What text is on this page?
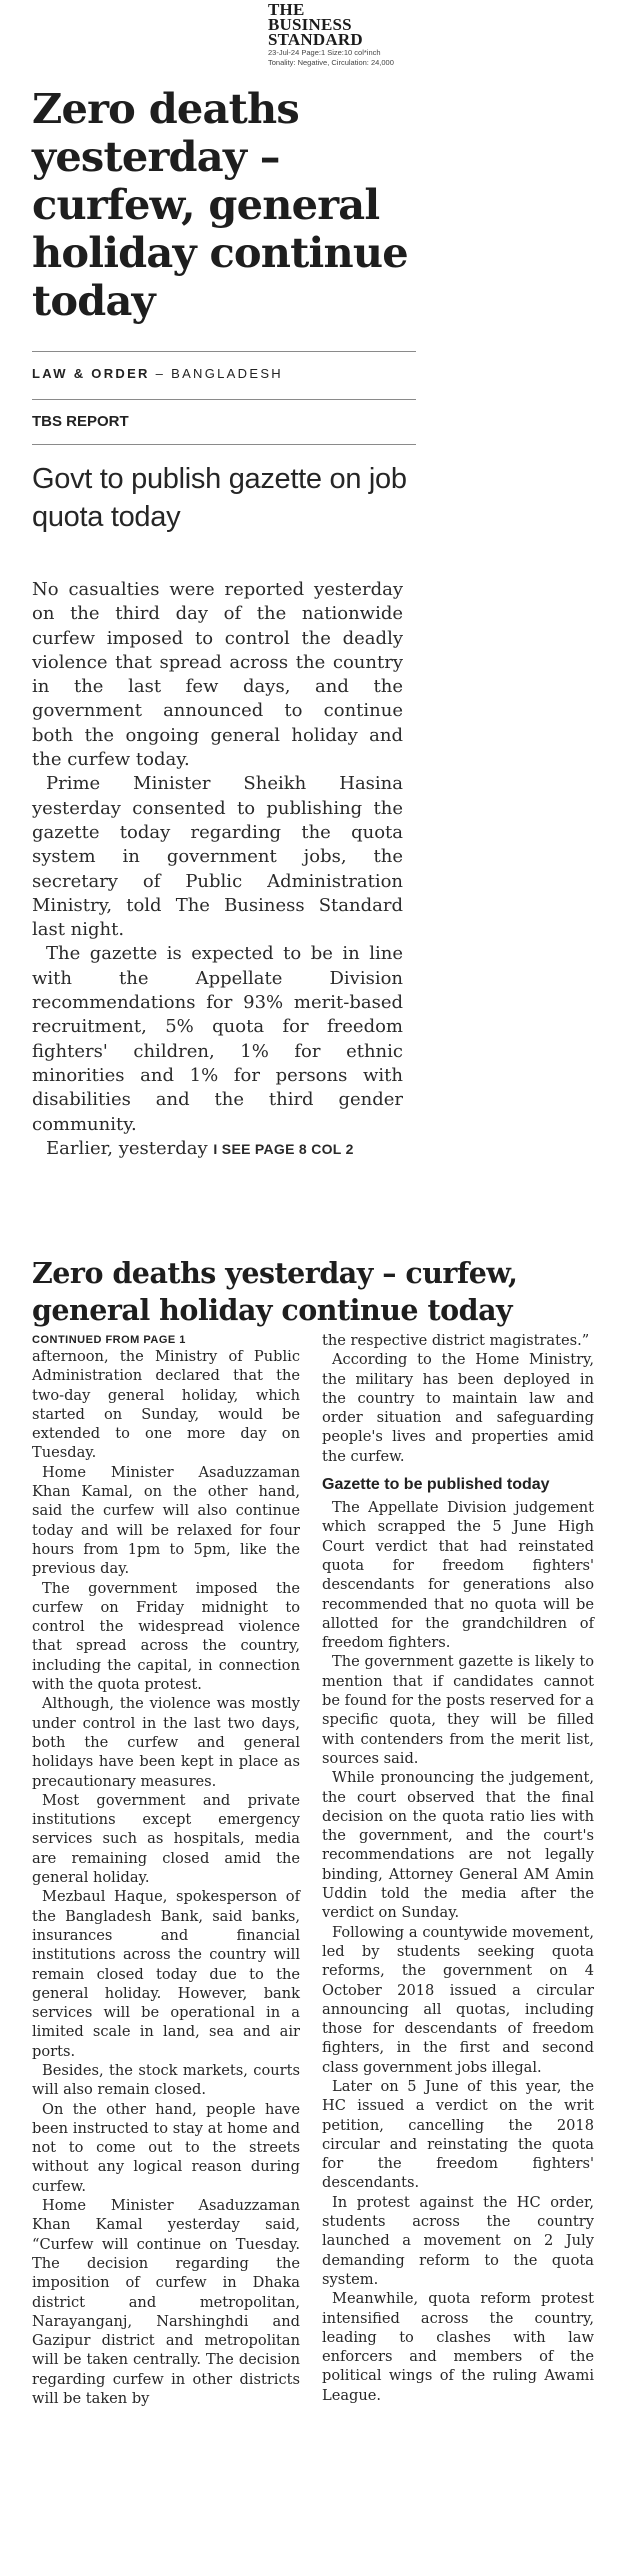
THE
BUSINESS
STANDARD
23-Jul-24 Page:1 Size:10 col*inch
Tonality: Negative, Circulation: 24,000
Zero deaths yesterday – curfew, general holiday continue today
LAW & ORDER – BANGLADESH
TBS REPORT
Govt to publish gazette on job quota today

No casualties were reported yesterday on the third day of the nationwide curfew imposed to control the deadly violence that spread across the country in the last few days, and the government announced to continue both the ongoing general holiday and the curfew today.

Prime Minister Sheikh Hasina yesterday consented to publishing the gazette today regarding the quota system in government jobs, the secretary of Public Administration Ministry, told The Business Standard last night.

The gazette is expected to be in line with the Appellate Division recommendations for 93% merit-based recruitment, 5% quota for freedom fighters' children, 1% for ethnic minorities and 1% for persons with disabilities and the third gender community.

Earlier, yesterday I SEE PAGE 8 COL 2

Zero deaths yesterday – curfew, general holiday continue today
CONTINUED FROM PAGE 1

afternoon, the Ministry of Public Administration declared that the two-day general holiday, which started on Sunday, would be extended to one more day on Tuesday.

Home Minister Asaduzzaman Khan Kamal, on the other hand, said the curfew will also continue today and will be relaxed for four hours from 1pm to 5pm, like the previous day.

The government imposed the curfew on Friday midnight to control the widespread violence that spread across the country, including the capital, in connection with the quota protest.

Although, the violence was mostly under control in the last two days, both the curfew and general holidays have been kept in place as precautionary measures.

Most government and private institutions except emergency services such as hospitals, media are remaining closed amid the general holiday.

Mezbaul Haque, spokesperson of the Bangladesh Bank, said banks, insurances and financial institutions across the country will remain closed today due to the general holiday. However, bank services will be operational in a limited scale in land, sea and air ports.

Besides, the stock markets, courts will also remain closed.

On the other hand, people have been instructed to stay at home and not to come out to the streets without any logical reason during curfew.

Home Minister Asaduzzaman Khan Kamal yesterday said, “Curfew will continue on Tuesday. The decision regarding the imposition of curfew in Dhaka district and metropolitan, Narayanganj, Narshinghdi and Gazipur district and metropolitan will be taken centrally. The decision regarding curfew in other districts will be taken by

the respective district magistrates.”

According to the Home Ministry, the military has been deployed in the country to maintain law and order situation and safeguarding people's lives and properties amid the curfew.

Gazette to be published today

The Appellate Division judgement which scrapped the 5 June High Court verdict that had reinstated quota for freedom fighters' descendants for generations also recommended that no quota will be allotted for the grandchildren of freedom fighters.

The government gazette is likely to mention that if candidates cannot be found for the posts reserved for a specific quota, they will be filled with contenders from the merit list, sources said.

While pronouncing the judgement, the court observed that the final decision on the quota ratio lies with the government, and the court's recommendations are not legally binding, Attorney General AM Amin Uddin told the media after the verdict on Sunday.

Following a countywide movement, led by students seeking quota reforms, the government on 4 October 2018 issued a circular announcing all quotas, including those for descendants of freedom fighters, in the first and second class government jobs illegal.

Later on 5 June of this year, the HC issued a verdict on the writ petition, cancelling the 2018 circular and reinstating the quota for the freedom fighters' descendants.

In protest against the HC order, students across the country launched a movement on 2 July demanding reform to the quota system.

Meanwhile, quota reform protest intensified across the country, leading to clashes with law enforcers and members of the political wings of the ruling Awami League.
